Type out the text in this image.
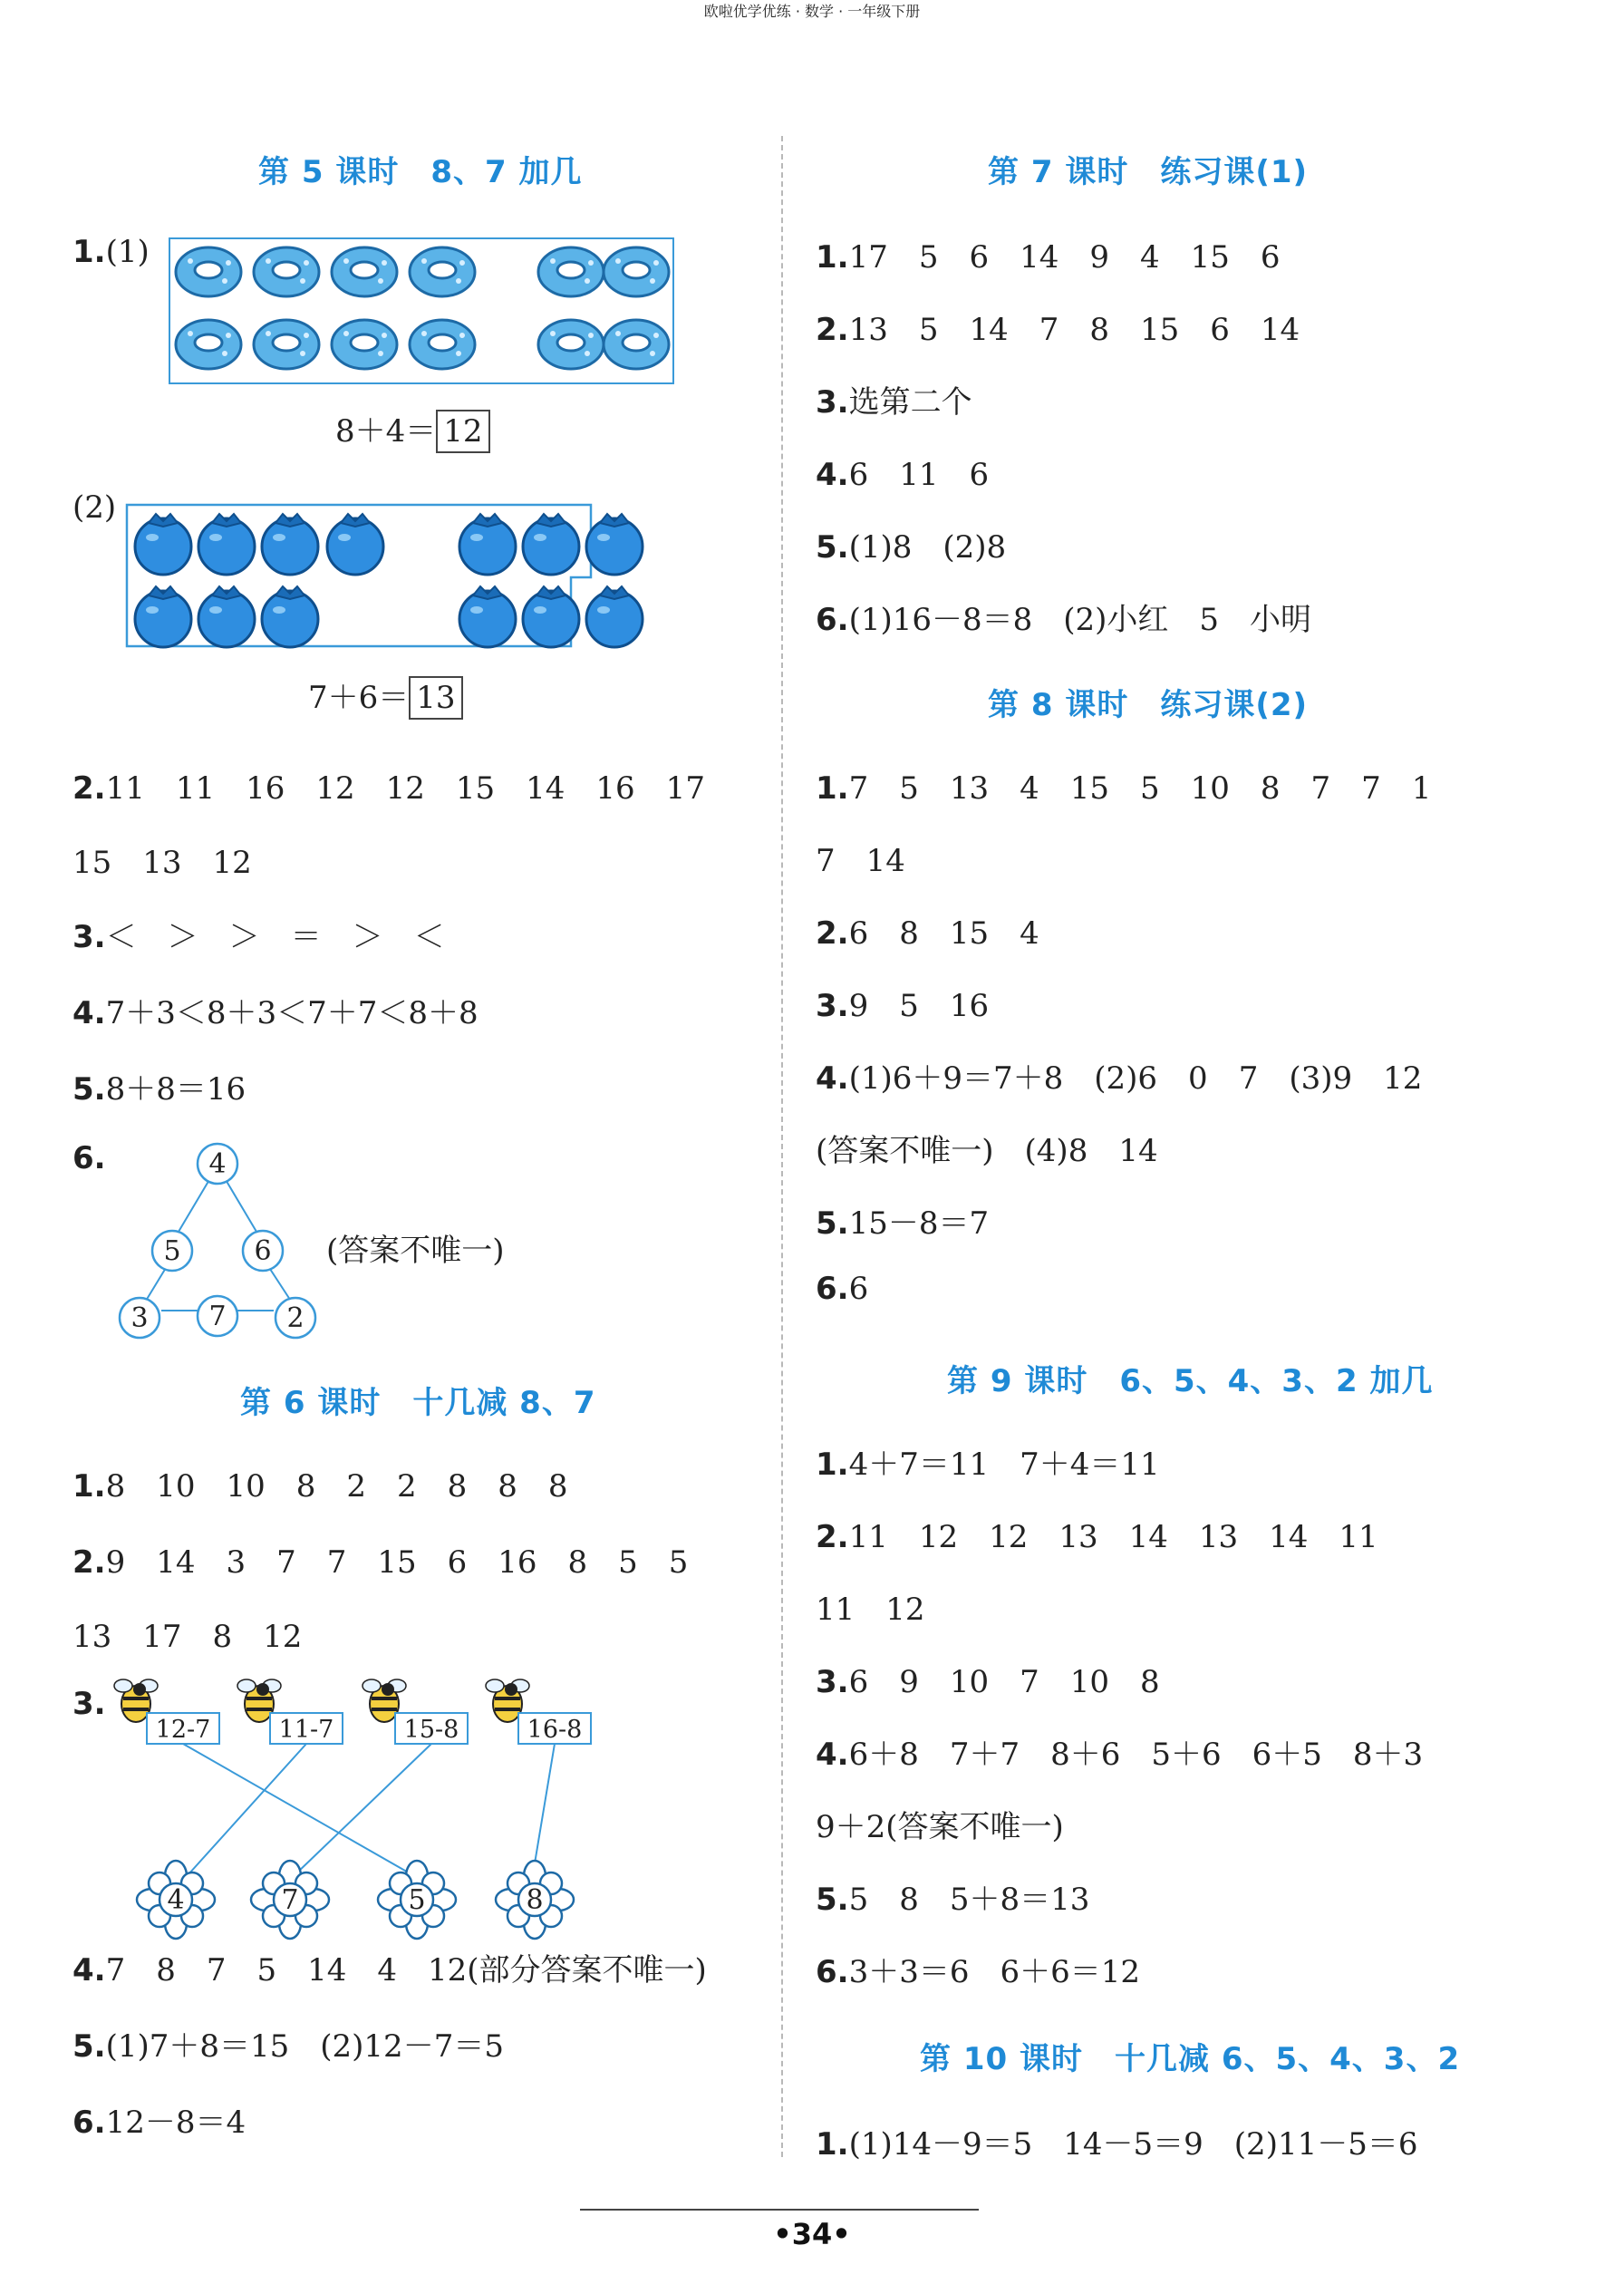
第 5 课时　8、7 加几
1.(1)
8＋4＝ 12
(2)
7＋6＝ 13
2.11　11　16　12　12　15　14　16　17
15　13　12
3.＜　＞　＞　＝　＞　＜
4.7＋3＜8＋3＜7＋7＜8＋8
5.8＋8＝16
6.	4
5	6
3 7 2
(答案不唯一)
第 6 课时　十几减 8、7
1.8　10　10　8　2　2　8　8　8
2.9　14　3　7　7　15　6　16　8　5　5
13　17　8　12
3.
12-7	11-7	15-8	16-8
4	7	5	8
4.7　8　7　5　14　4　12(部分答案不唯一)
5.(1)7＋8＝15　(2)12－7＝5
6.12－8＝4
第 7 课时　练习课(1)
1.17　5　6　14　9　4　15　6
2.13　5　14　7　8　15　6　14
3.选第二个
4.6　11　6
5.(1)8　(2)8
6.(1)16－8＝8　(2)小红　5　小明
第 8 课时　练习课(2)
1.7　5　13　4　15　5　10　8　7　7　1
7　14
2.6　8　15　4
3.9　5　16
4.(1)6＋9＝7＋8　(2)6　0　7　(3)9　12
(答案不唯一)　(4)8　14
5.15－8＝7
6.6
第 9 课时　6、5、4、3、2 加几
1.4＋7＝11　7＋4＝11
2.11　12　12　13　14　13　14　11
11　12
3.6　9　10　7　10　8
4.6＋8　7＋7　8＋6　5＋6　6＋5　8＋3
9＋2(答案不唯一)
5.5　8　5＋8＝13
6.3＋3＝6　6＋6＝12
第 10 课时　十几减 6、5、4、3、2
1.(1)14－9＝5　14－5＝9　(2)11－5＝6
欧啦优学优练 · 数学 · 一年级下册
•34•
